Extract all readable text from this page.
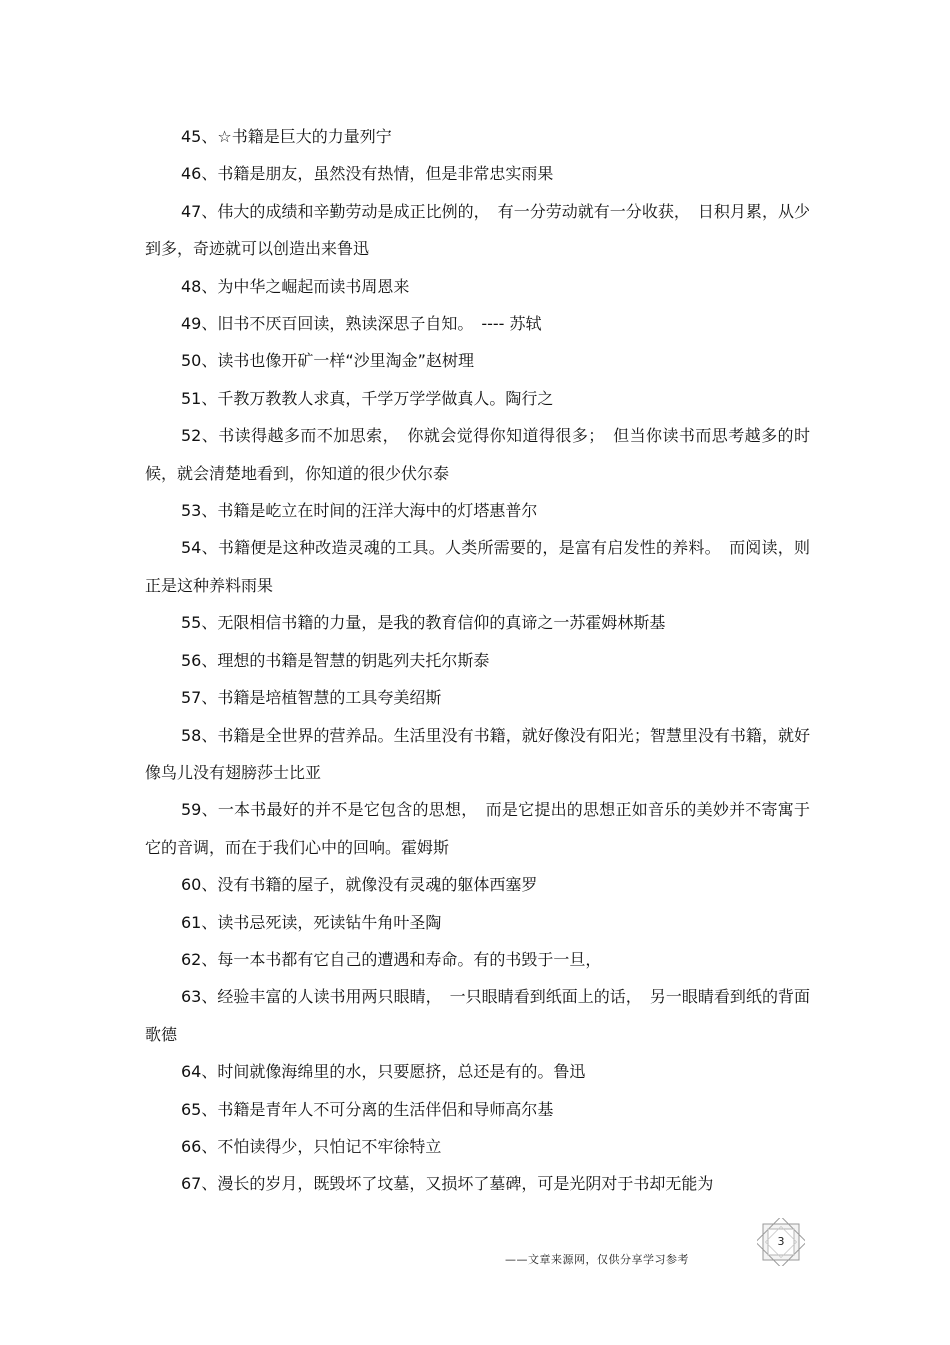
45、☆书籍是巨大的力量列宁

46、书籍是朋友，虽然没有热情，但是非常忠实雨果

47、伟大的成绩和辛勤劳动是成正比例的，　有一分劳动就有一分收获，　日积月累，从少到多，奇迹就可以创造出来鲁迅

48、为中华之崛起而读书周恩来

49、旧书不厌百回读，熟读深思子自知。　---- 苏轼

50、读书也像开矿一样“沙里淘金”赵树理

51、千教万教教人求真，千学万学学做真人。陶行之

52、书读得越多而不加思索，　你就会觉得你知道得很多；　但当你读书而思考越多的时候，就会清楚地看到，你知道的很少伏尔泰

53、书籍是屹立在时间的汪洋大海中的灯塔惠普尔

54、书籍便是这种改造灵魂的工具。人类所需要的，是富有启发性的养料。　而阅读，则正是这种养料雨果

55、无限相信书籍的力量，是我的教育信仰的真谛之一苏霍姆林斯基

56、理想的书籍是智慧的钥匙列夫托尔斯泰

57、书籍是培植智慧的工具夸美绍斯

58、书籍是全世界的营养品。生活里没有书籍，就好像没有阳光；智慧里没有书籍，就好像鸟儿没有翅膀莎士比亚

59、一本书最好的并不是它包含的思想，　而是它提出的思想正如音乐的美妙并不寄寓于它的音调，而在于我们心中的回响。霍姆斯

60、没有书籍的屋子，就像没有灵魂的躯体西塞罗

61、读书忌死读，死读钻牛角叶圣陶

62、每一本书都有它自己的遭遇和寿命。有的书毁于一旦，

63、经验丰富的人读书用两只眼睛，　一只眼睛看到纸面上的话，　另一眼睛看到纸的背面歌德

64、时间就像海绵里的水，只要愿挤，总还是有的。鲁迅

65、书籍是青年人不可分离的生活伴侣和导师高尔基

66、不怕读得少，只怕记不牢徐特立

67、漫长的岁月，既毁坏了坟墓，又损坏了墓碑，可是光阴对于书却无能为

——文章来源网，仅供分享学习参考
3
